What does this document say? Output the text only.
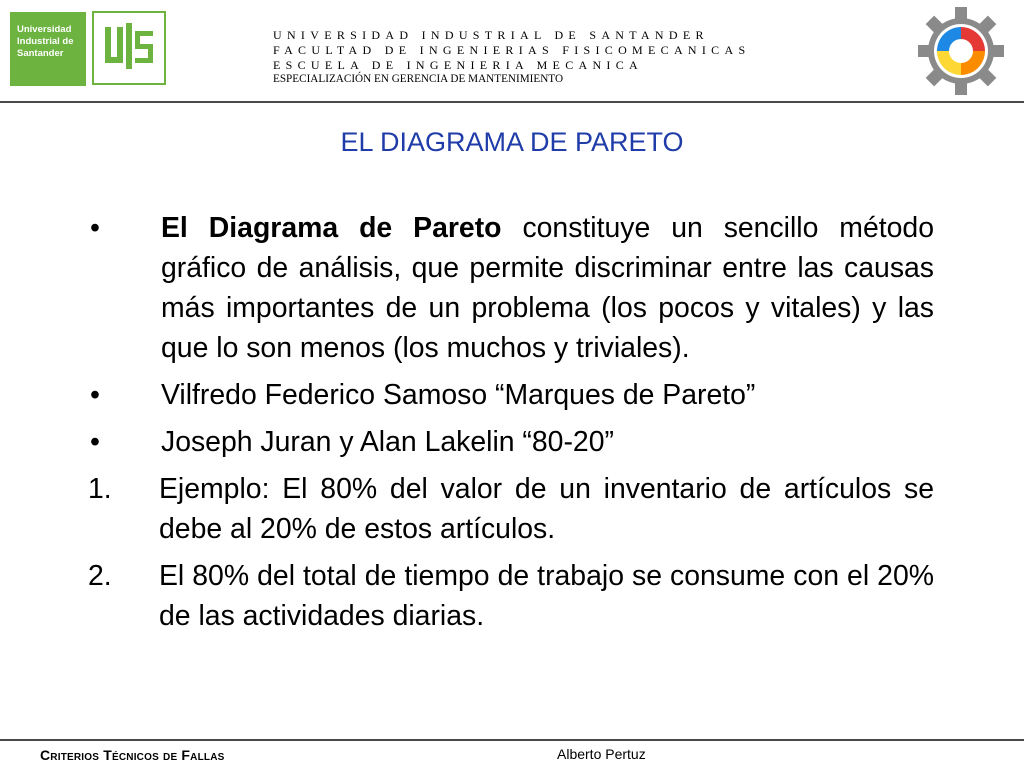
Universidad
Industrial de
Santander
UNIVERSIDAD INDUSTRIAL DE SANTANDER
FACULTAD DE INGENIERIAS FISICOMECANICAS
ESCUELA DE INGENIERIA MECANICA
ESPECIALIZACIÓN EN GERENCIA DE MANTENIMIENTO
EL DIAGRAMA DE PARETO
•	El Diagrama de Pareto constituye un sencillo método gráfico de análisis, que permite discriminar entre las causas más importantes de un problema (los pocos y vitales) y las que lo son menos (los muchos y triviales).
•	Vilfredo Federico Samoso “Marques de Pareto”
•	Joseph Juran y Alan Lakelin “80-20”
1.	Ejemplo: El 80% del valor de un inventario de artículos se debe al 20% de estos artículos.
2.	El 80% del total de tiempo de trabajo se consume con el 20% de las actividades diarias.
Criterios Técnicos de Fallas	Alberto Pertuz
